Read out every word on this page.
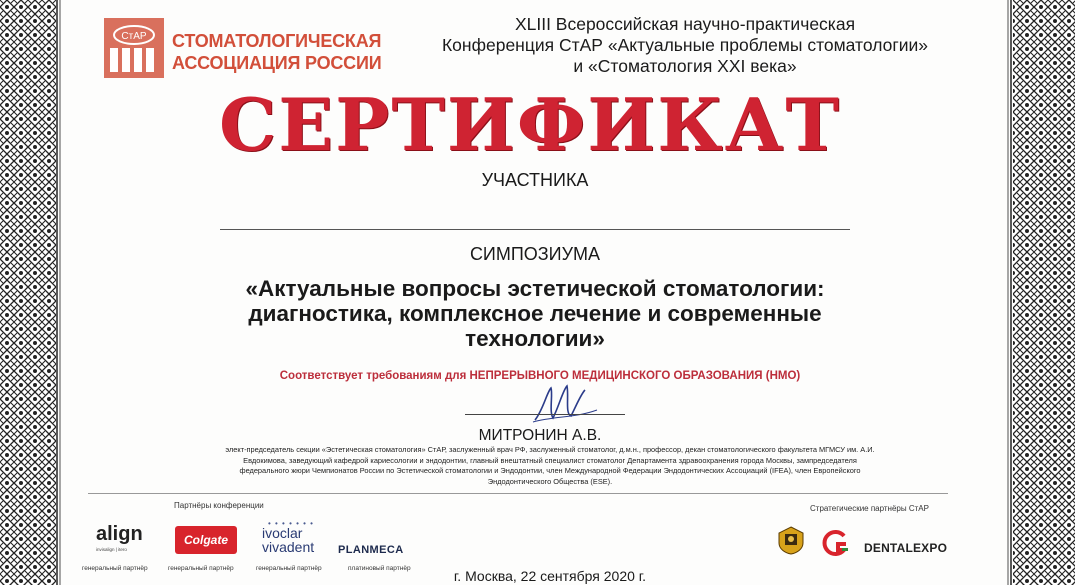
СтАР СТОМАТОЛОГИЧЕСКАЯ
АССОЦИАЦИЯ РОССИИ
XLIII Всероссийская научно-практическая
Конференция СтАР «Актуальные проблемы стоматологии»
и «Стоматология XXI века»
СЕРТИФИКАТ
УЧАСТНИКА
СИМПОЗИУМА
«Актуальные вопросы эстетической стоматологии:
диагностика, комплексное лечение и современные
технологии»
Соответствует требованиям для НЕПРЕРЫВНОГО МЕДИЦИНСКОГО ОБРАЗОВАНИЯ (НМО)
МИТРОНИН А.В.
элект-председатель секции «Эстетическая стоматология» СтАР, заслуженный врач РФ, заслуженный стоматолог, д.м.н., профессор, декан стоматологического факультета МГМСУ им. А.И.
Евдокимова, заведующий кафедрой кариесологии и эндодонтии, главный внештатный специалист стоматолог Департамента здравоохранения города Москвы, зампредседателя
федерального жюри Чемпионатов России по Эстетической стоматологии и Эндодонтии, член Международной Федерации Эндодонтических Ассоциаций (IFEA), член Европейского
Эндодонтического Общества (ESE).
Партнёры конференции	Стратегические партнёры СтАР
align
invisalign | itero
Colgate
• • • • • • •
ivoclar
vivadent	PLANMECA
генеральный партнёр	генеральный партнёр	генеральный партнёр	платиновый партнёр
DENTALEXPO
г. Москва, 22 сентября 2020 г.
